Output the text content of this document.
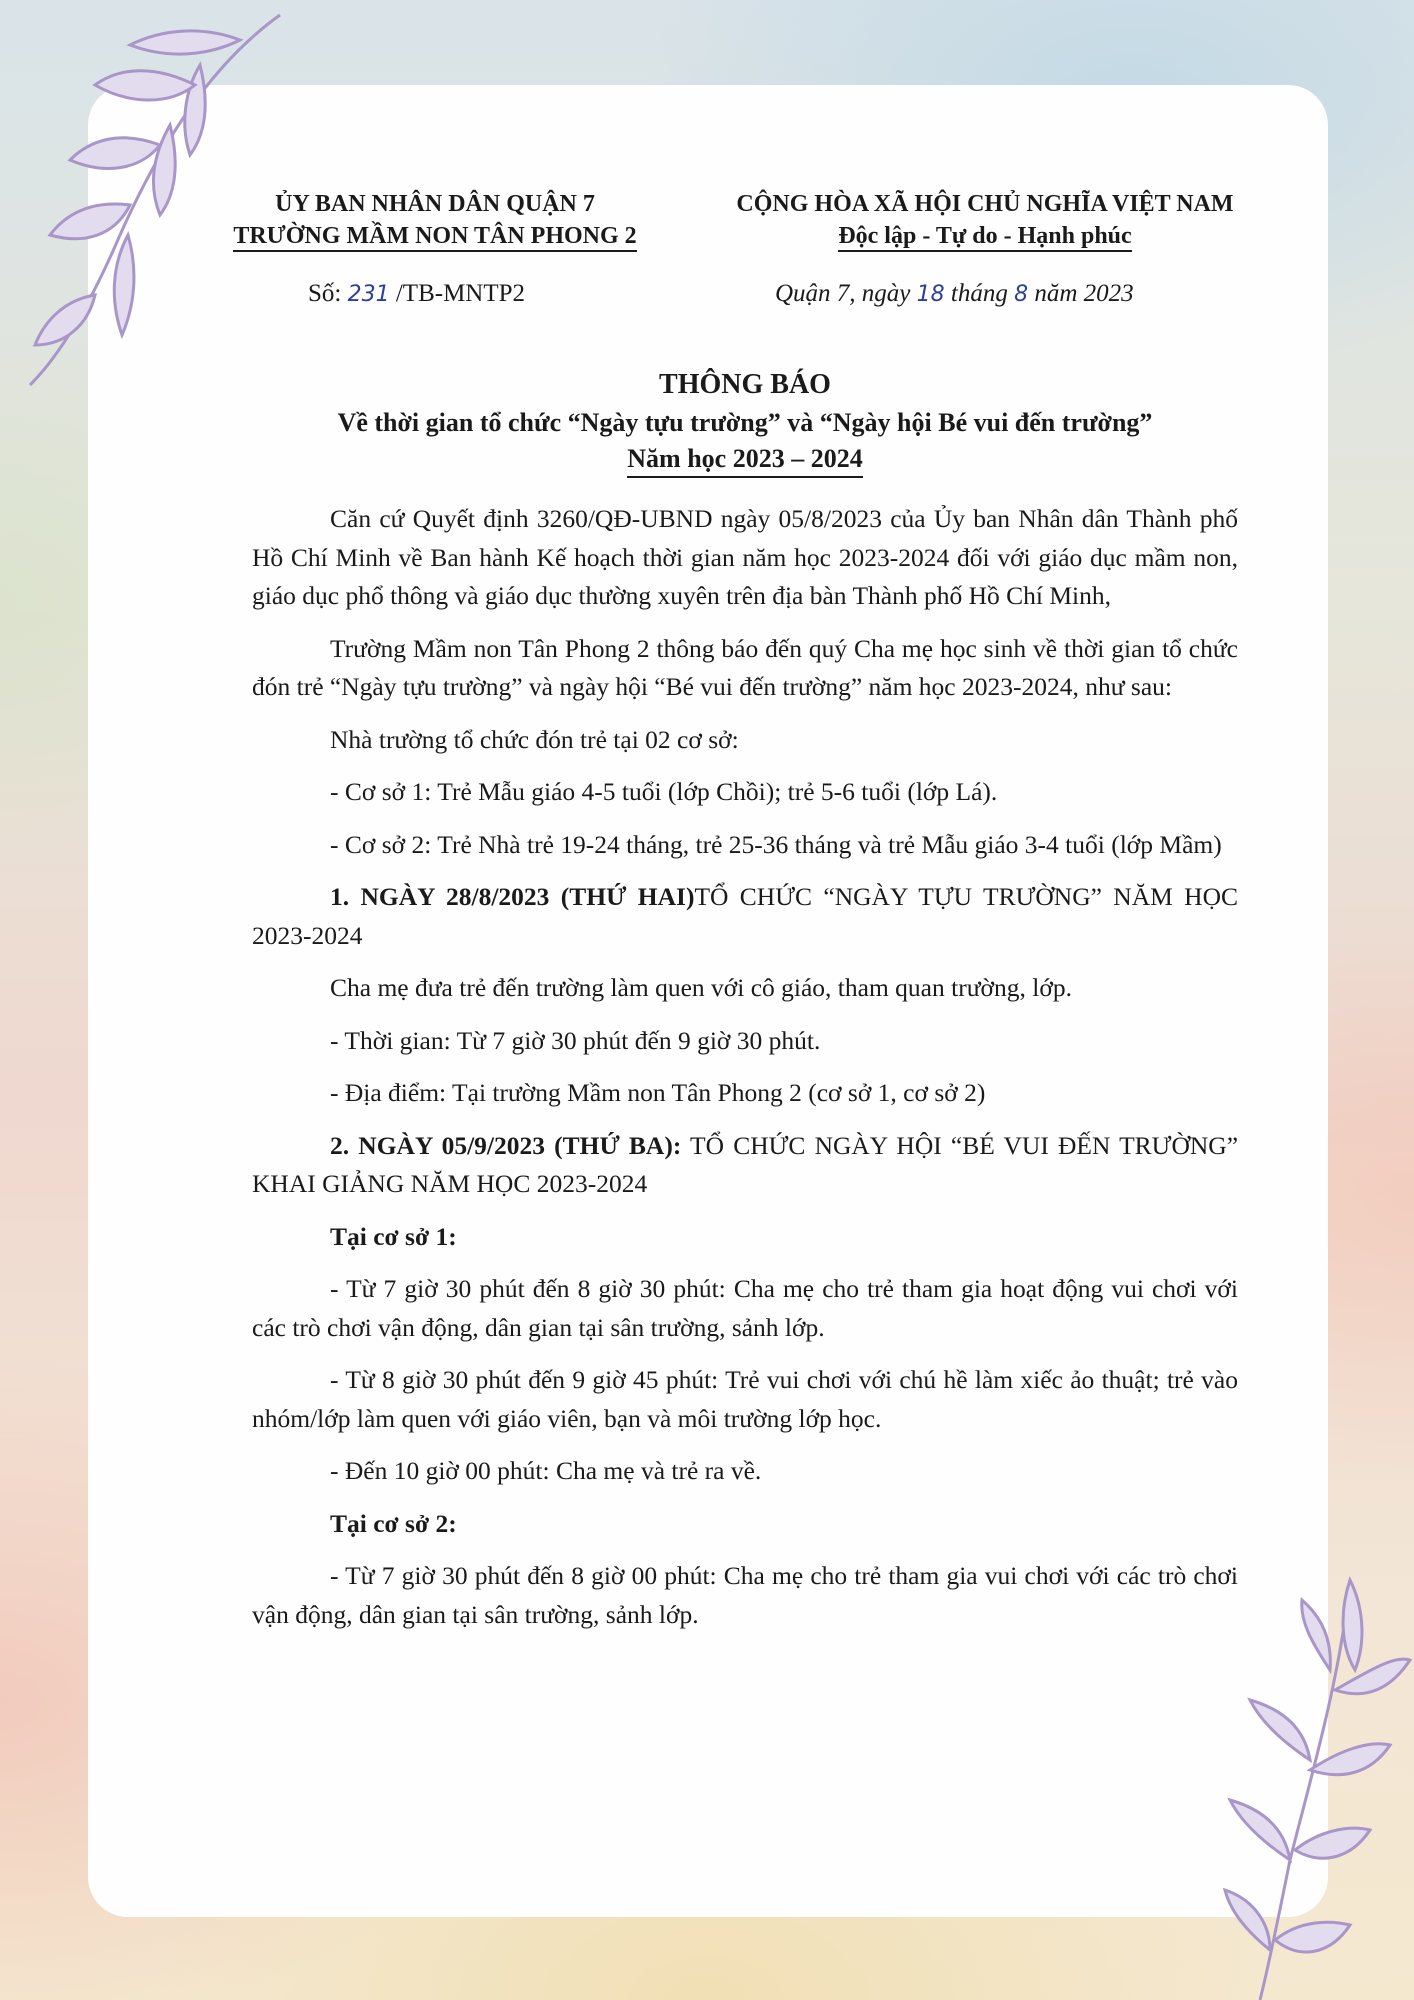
ỦY BAN NHÂN DÂN QUẬN 7
TRƯỜNG MẦM NON TÂN PHONG 2
CỘNG HÒA XÃ HỘI CHỦ NGHĨA VIỆT NAM
Độc lập - Tự do - Hạnh phúc
Số: 231 /TB-MNTP2	Quận 7, ngày 18 tháng 8 năm 2023
THÔNG BÁO
Về thời gian tổ chức “Ngày tựu trường” và “Ngày hội Bé vui đến trường”
Năm học 2023 – 2024

Căn cứ Quyết định 3260/QĐ-UBND ngày 05/8/2023 của Ủy ban Nhân dân Thành phố Hồ Chí Minh về Ban hành Kế hoạch thời gian năm học 2023-2024 đối với giáo dục mầm non, giáo dục phổ thông và giáo dục thường xuyên trên địa bàn Thành phố Hồ Chí Minh,

Trường Mầm non Tân Phong 2 thông báo đến quý Cha mẹ học sinh về thời gian tổ chức đón trẻ “Ngày tựu trường” và ngày hội “Bé vui đến trường” năm học 2023-2024, như sau:

Nhà trường tổ chức đón trẻ tại 02 cơ sở:

- Cơ sở 1: Trẻ Mẫu giáo 4-5 tuổi (lớp Chồi); trẻ 5-6 tuổi (lớp Lá).

- Cơ sở 2: Trẻ Nhà trẻ 19-24 tháng, trẻ 25-36 tháng và trẻ Mẫu giáo 3-4 tuổi (lớp Mầm)

1. NGÀY 28/8/2023 (THỨ HAI)TỔ CHỨC “NGÀY TỰU TRƯỜNG” NĂM HỌC 2023-2024

Cha mẹ đưa trẻ đến trường làm quen với cô giáo, tham quan trường, lớp.

- Thời gian: Từ 7 giờ 30 phút đến 9 giờ 30 phút.

- Địa điểm: Tại trường Mầm non Tân Phong 2 (cơ sở 1, cơ sở 2)

2. NGÀY 05/9/2023 (THỨ BA): TỔ CHỨC NGÀY HỘI “BÉ VUI ĐẾN TRƯỜNG” KHAI GIẢNG NĂM HỌC 2023-2024

Tại cơ sở 1:

- Từ 7 giờ 30 phút đến 8 giờ 30 phút: Cha mẹ cho trẻ tham gia hoạt động vui chơi với các trò chơi vận động, dân gian tại sân trường, sảnh lớp.

- Từ 8 giờ 30 phút đến 9 giờ 45 phút: Trẻ vui chơi với chú hề làm xiếc ảo thuật; trẻ vào nhóm/lớp làm quen với giáo viên, bạn và môi trường lớp học.

- Đến 10 giờ 00 phút: Cha mẹ và trẻ ra về.

Tại cơ sở 2:

- Từ 7 giờ 30 phút đến 8 giờ 00 phút: Cha mẹ cho trẻ tham gia vui chơi với các trò chơi vận động, dân gian tại sân trường, sảnh lớp.
